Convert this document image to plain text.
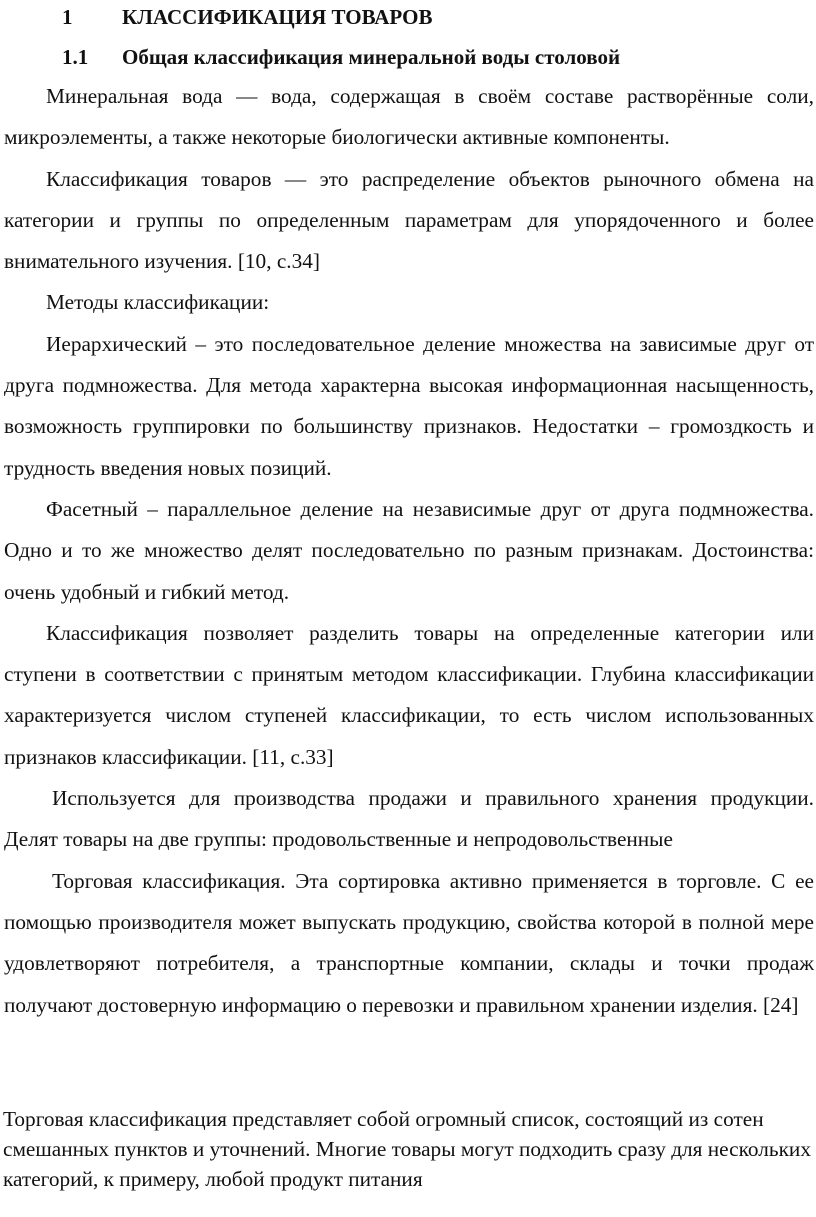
1 КЛАССИФИКАЦИЯ ТОВАРОВ
1.1 Общая классификация минеральной воды столовой

Минеральная вода — вода, содержащая в своём составе растворённые соли, микроэлементы, а также некоторые биологически активные компоненты.

Классификация товаров — это распределение объектов рыночного обмена на категории и группы по определенным параметрам для упорядоченного и более внимательного изучения. [10, с.34]

Методы классификации:

Иерархический – это последовательное деление множества на зависимые друг от друга подмножества. Для метода характерна высокая информационная насыщенность, возможность группировки по большинству признаков. Недостатки – громоздкость и трудность введения новых позиций.

Фасетный – параллельное деление на независимые друг от друга подмножества. Одно и то же множество делят последовательно по разным признакам. Достоинства: очень удобный и гибкий метод.

Классификация позволяет разделить товары на определенные категории или ступени в соответствии с принятым методом классификации. Глубина классификации характеризуется числом ступеней классификации, то есть числом использованных признаков классификации. [11, с.33]

Используется для производства продажи и правильного хранения продукции. Делят товары на две группы: продовольственные и непродовольственные

Торговая классификация. Эта сортировка активно применяется в торговле. С ее помощью производителя может выпускать продукцию, свойства которой в полной мере удовлетворяют потребителя, а транспортные компании, склады и точки продаж получают достоверную информацию о перевозки и правильном хранении изделия. [24]

Торговая классификация представляет собой огромный список, состоящий из сотен смешанных пунктов и уточнений. Многие товары могут подходить сразу для нескольких категорий, к примеру, любой продукт питания
